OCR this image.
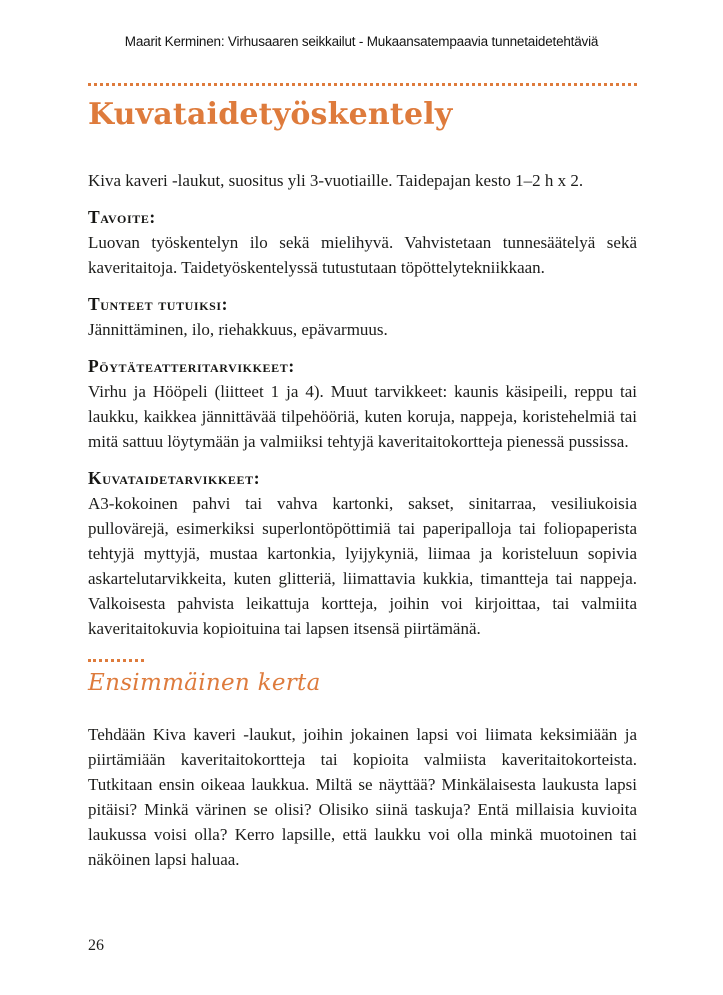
Maarit Kerminen: Virhusaaren seikkailut - Mukaansatempaavia tunnetaidetehtäviä
Kuvataidetyöskentely

Kiva kaveri -laukut, suositus yli 3-vuotiaille. Taidepajan kesto 1–2 h x 2.

Tavoite:

Luovan työskentelyn ilo sekä mielihyvä. Vahvistetaan tunnesäätelyä sekä kaveritaitoja. Taidetyöskentelyssä tutustutaan töpöttelytekniikkaan.

Tunteet tutuiksi:

Jännittäminen, ilo, riehakkuus, epävarmuus.

Pöytäteatteritarvikkeet:

Virhu ja Hööpeli (liitteet 1 ja 4). Muut tarvikkeet: kaunis käsipeili, reppu tai laukku, kaikkea jännittävää tilpehööriä, kuten koruja, nappeja, koristehelmiä tai mitä sattuu löytymään ja valmiiksi tehtyjä kaveritaitokortteja pienessä pussissa.

Kuvataidetarvikkeet:

A3-kokoinen pahvi tai vahva kartonki, sakset, sinitarraa, vesiliukoisia pullovärejä, esimerkiksi superlontöpöttimiä tai paperipalloja tai foliopaperista tehtyjä myttyjä, mustaa kartonkia, lyijykyniä, liimaa ja koristeluun sopivia askartelutarvikkeita, kuten glitteriä, liimattavia kukkia, timantteja tai nappeja. Valkoisesta pahvista leikattuja kortteja, joihin voi kirjoittaa, tai valmiita kaveritaitokuvia kopioituina tai lapsen itsensä piirtämänä.

Ensimmäinen kerta

Tehdään Kiva kaveri -laukut, joihin jokainen lapsi voi liimata keksimiään ja piirtämiään kaveritaitokortteja tai kopioita valmiista kaveritaitokorteista. Tutkitaan ensin oikeaa laukkua. Miltä se näyttää? Minkälaisesta laukusta lapsi pitäisi? Minkä värinen se olisi? Olisiko siinä taskuja? Entä millaisia kuvioita laukussa voisi olla? Kerro lapsille, että laukku voi olla minkä muotoinen tai näköinen lapsi haluaa.

26
